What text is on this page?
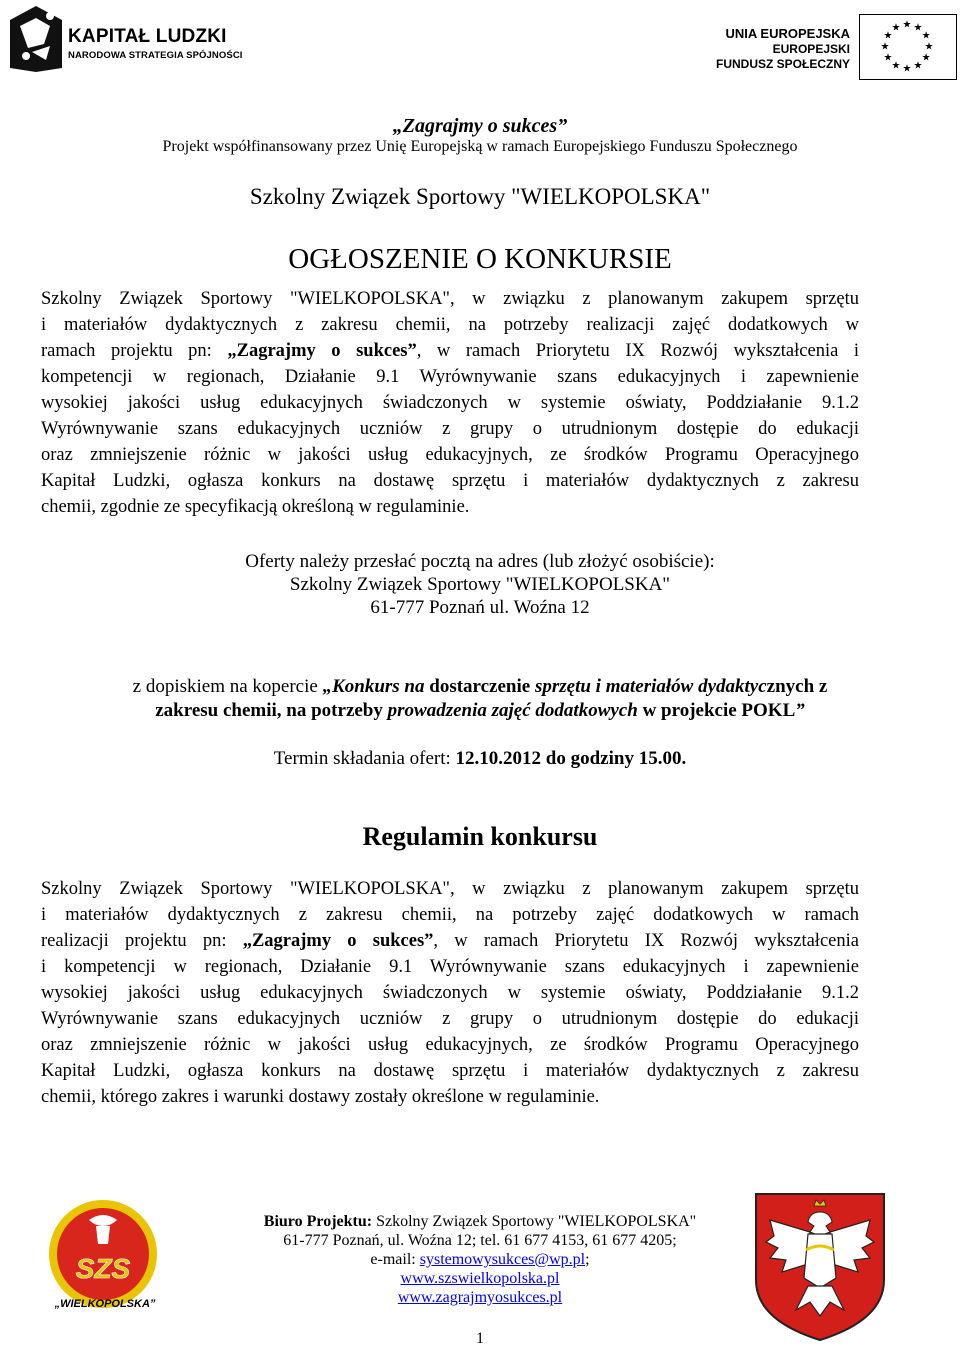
KAPITAŁ LUDZKI
NARODOWA STRATEGIA SPÓJNOŚCI
UNIA EUROPEJSKA
EUROPEJSKI
FUNDUSZ SPOŁECZNY
★ ★
★
★
★
★
★
★
★
★
★
★
„Zagrajmy o sukces”
Projekt współfinansowany przez Unię Europejską w ramach Europejskiego Funduszu Społecznego
Szkolny Związek Sportowy "WIELKOPOLSKA"
OGŁOSZENIE O KONKURSIE
Szkolny Związek Sportowy "WIELKOPOLSKA", w związku z planowanym zakupem sprzętu
i materiałów dydaktycznych z zakresu chemii, na potrzeby realizacji zajęć dodatkowych w
ramach projektu pn: „Zagrajmy o sukces”, w ramach Priorytetu IX Rozwój wykształcenia i
kompetencji w regionach, Działanie 9.1 Wyrównywanie szans edukacyjnych i zapewnienie
wysokiej jakości usług edukacyjnych świadczonych w systemie oświaty, Poddziałanie 9.1.2
Wyrównywanie szans edukacyjnych uczniów z grupy o utrudnionym dostępie do edukacji
oraz zmniejszenie różnic w jakości usług edukacyjnych, ze środków Programu Operacyjnego
Kapitał Ludzki, ogłasza konkurs na dostawę sprzętu i materiałów dydaktycznych z zakresu
chemii, zgodnie ze specyfikacją określoną w regulaminie.
Oferty należy przesłać pocztą na adres (lub złożyć osobiście):
Szkolny Związek Sportowy "WIELKOPOLSKA"
61-777 Poznań ul. Woźna 12
z dopiskiem na kopercie „Konkurs na dostarczenie sprzętu i materiałów dydaktycznych z
zakresu chemii, na potrzeby prowadzenia zajęć dodatkowych w projekcie POKL”
Termin składania ofert: 12.10.2012 do godziny 15.00.
Regulamin konkursu
Szkolny Związek Sportowy "WIELKOPOLSKA", w związku z planowanym zakupem sprzętu
i materiałów dydaktycznych z zakresu chemii, na potrzeby zajęć dodatkowych w ramach
realizacji projektu pn: „Zagrajmy o sukces”, w ramach Priorytetu IX Rozwój wykształcenia
i kompetencji w regionach, Działanie 9.1 Wyrównywanie szans edukacyjnych i zapewnienie
wysokiej jakości usług edukacyjnych świadczonych w systemie oświaty, Poddziałanie 9.1.2
Wyrównywanie szans edukacyjnych uczniów z grupy o utrudnionym dostępie do edukacji
oraz zmniejszenie różnic w jakości usług edukacyjnych, ze środków Programu Operacyjnego
Kapitał Ludzki, ogłasza konkurs na dostawę sprzętu i materiałów dydaktycznych z zakresu
chemii, którego zakres i warunki dostawy zostały określone w regulaminie.
SZS
„WIELKOPOLSKA”
Biuro Projektu: Szkolny Związek Sportowy "WIELKOPOLSKA"
61-777 Poznań, ul. Woźna 12; tel. 61 677 4153, 61 677 4205;
e-mail: systemowysukces@wp.pl;
www.szswielkopolska.pl
www.zagrajmyosukces.pl
1
